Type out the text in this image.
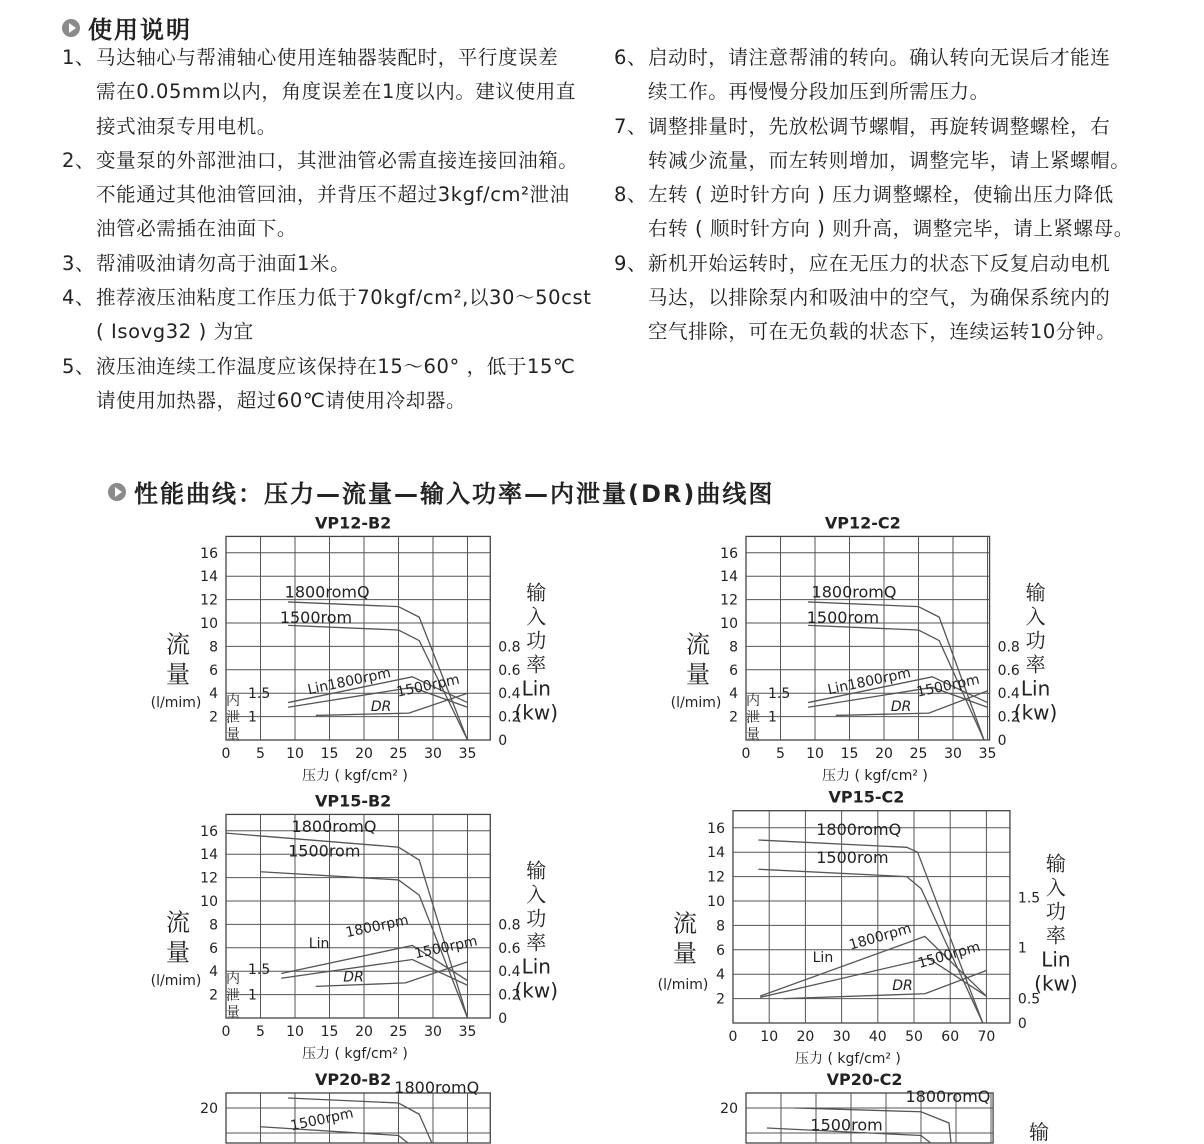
使用说明
1、 马达轴心与帮浦轴心使用连轴器装配时，平行度误差
需在0.05mm以内，角度误差在1度以内。建议使用直
接式油泵专用电机。
2、 变量泵的外部泄油口，其泄油管必需直接连接回油箱。
不能通过其他油管回油，并背压不超过3kgf/cm²泄油
油管必需插在油面下。
3、 帮浦吸油请勿高于油面1米。
4、 推荐液压油粘度工作压力低于70kgf/cm²,以30～50cst
( Isovg32 ) 为宜
5、 液压油连续工作温度应该保持在15～60° ，低于15℃
请使用加热器，超过60℃请使用冷却器。
6、 启动时，请注意帮浦的转向。确认转向无误后才能连
续工作。再慢慢分段加压到所需压力。
7、 调整排量时，先放松调节螺帽，再旋转调整螺栓，右
转减少流量，而左转则增加，调整完毕，请上紧螺帽。
8、 左转 ( 逆时针方向 ) 压力调整螺栓，使输出压力降低
右转 ( 顺时针方向 ) 则升高，调整完毕，请上紧螺母。
9、 新机开始运转时，应在无压力的状态下反复启动电机
马达，以排除泵内和吸油中的空气，为确保系统内的
空气排除，可在无负载的状态下，连续运转10分钟。
性能曲线：压力—流量—输入功率—内泄量(DR)曲线图
VP12-B2
0 5 10 15 20 25 30 35
2
4
6
8
10
12
14
16
0
0.2
0.4
0.6
0.8
1
1.5
内
泄
量
压力 ( kgf/cm² )
流
量
(l/mim)
输
入
功
率
Lin
(kw)
1800romQ
1500rom
Lin1800rpm 1500rpm
DR
VP12-C2
0 5 10 15 20 25 30 35
2
4
6
8
10
12
14
16
0
0.2
0.4
0.6
0.8
1
1.5
内
泄
量
压力 ( kgf/cm² )
流
量
(l/mim)
输
入
功
率
Lin
(kw)
1800romQ
1500rom
Lin1800rpm 1500rpm
DR
VP15-B2
0 5 10 15 20 25 30 35
2
4
6
8
10
12
14
16
0
0.2
0.4
0.6
0.8
1
1.5
内
泄
量
压力 ( kgf/cm² )
流
量
(l/mim)
输
入
功
率
Lin
(kw)
1800romQ
1500rom
Lin
1800rpm
1500rpm
DR
VP15-C2
0 10 20 30 40 50 60 70
2
4
6
8
10
12
14
16
0
0.5
1
1.5
压力 ( kgf/cm² )
流
量
(l/mim)
输
入
功
率
Lin
(kw)
1800romQ
1500rom
Lin
1800rpm
1500rpm
DR
VP20-B2
20
1800romQ
1500rpm
VP20-C2
20
输
1800romQ
1500rom
